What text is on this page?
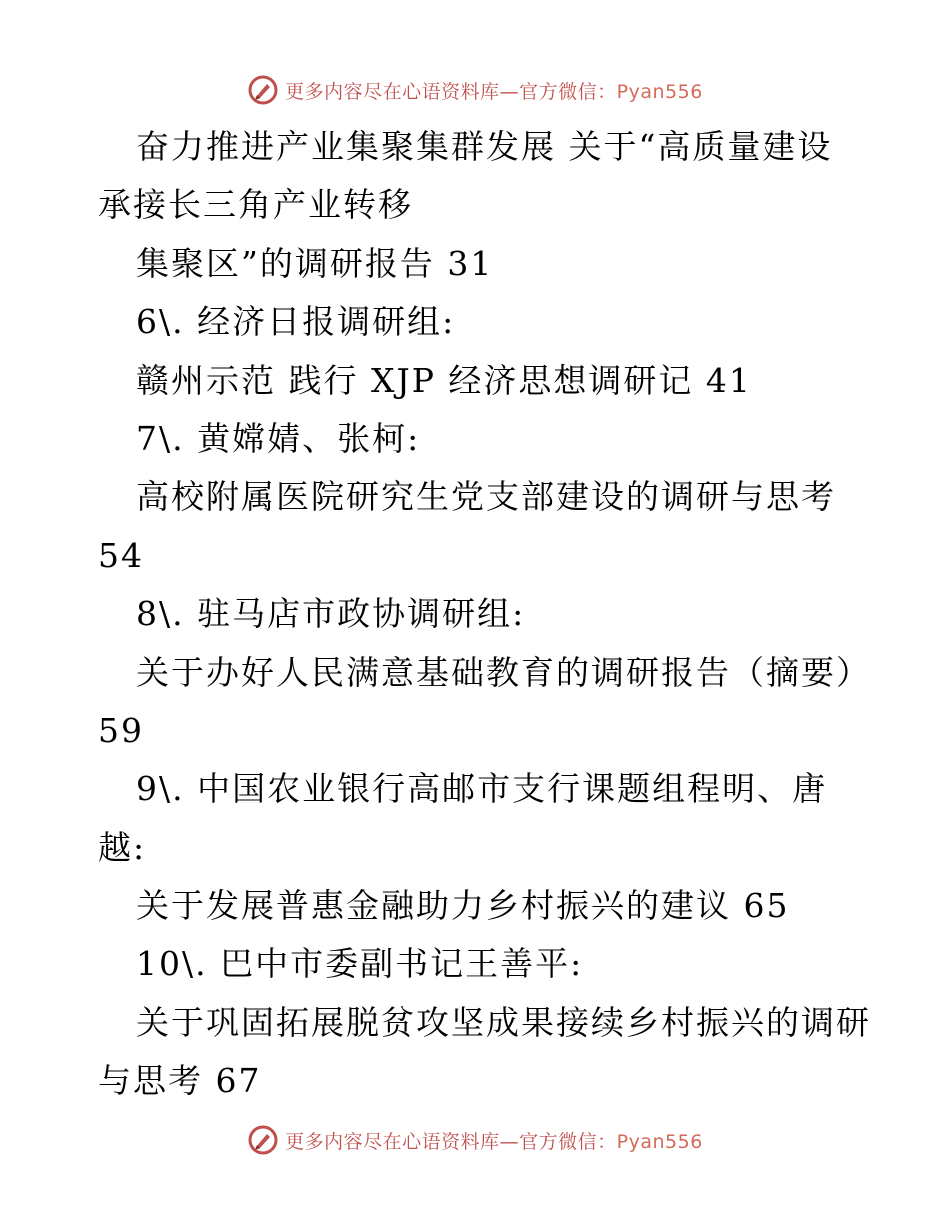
更多内容尽在心语资料库—官方微信：Pyan556
奋力推进产业集聚集群发展 关于“高质量建设
承接长三角产业转移
集聚区”的调研报告 31
6\. 经济日报调研组:
赣州示范 践行 XJP 经济思想调研记 41
7\. 黄嫦婧、张柯:
高校附属医院研究生党支部建设的调研与思考
54
8\. 驻马店市政协调研组:
关于办好人民满意基础教育的调研报告（摘要）
59
9\. 中国农业银行高邮市支行课题组程明、唐
越:
关于发展普惠金融助力乡村振兴的建议 65
10\. 巴中市委副书记王善平:
关于巩固拓展脱贫攻坚成果接续乡村振兴的调研
与思考 67
更多内容尽在心语资料库—官方微信：Pyan556
